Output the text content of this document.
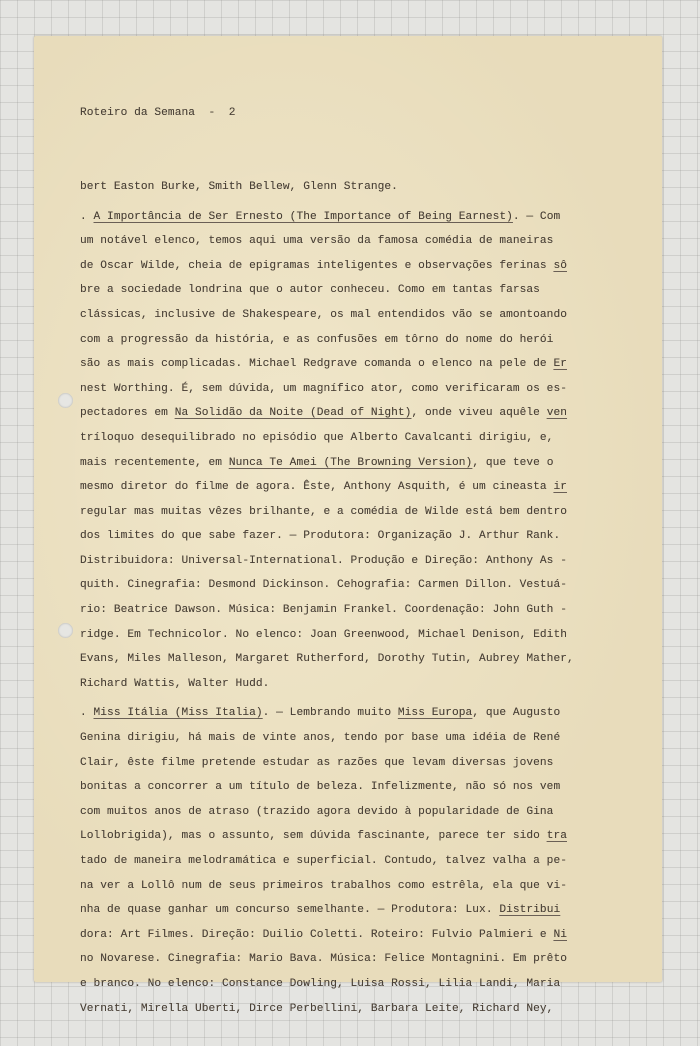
Roteiro da Semana  -  2

bert Easton Burke, Smith Bellew, Glenn Strange.
. A Importância de Ser Ernesto (The Importance of Being Earnest). — Com
um notável elenco, temos aqui uma versão da famosa comédia de maneiras
de Oscar Wilde, cheia de epigramas inteligentes e observações ferinas sô
bre a sociedade londrina que o autor conheceu. Como em tantas farsas
clássicas, inclusive de Shakespeare, os mal entendidos vão se amontoando
com a progressão da história, e as confusões em tôrno do nome do herói
são as mais complicadas. Michael Redgrave comanda o elenco na pele de Er
nest Worthing. É, sem dúvida, um magnífico ator, como verificaram os es-
pectadores em Na Solidão da Noite (Dead of Night), onde viveu aquêle ven
tríloquo desequilibrado no episódio que Alberto Cavalcanti dirigiu, e,
mais recentemente, em Nunca Te Amei (The Browning Version), que teve o
mesmo diretor do filme de agora. Êste, Anthony Asquith, é um cineasta ir
regular mas muitas vêzes brilhante, e a comédia de Wilde está bem dentro
dos limites do que sabe fazer. — Produtora: Organização J. Arthur Rank.
Distribuidora: Universal-International. Produção e Direção: Anthony As -
quith. Cinegrafia: Desmond Dickinson. Cehografia: Carmen Dillon. Vestuá-
rio: Beatrice Dawson. Música: Benjamin Frankel. Coordenação: John Guth -
ridge. Em Technicolor. No elenco: Joan Greenwood, Michael Denison, Edith
Evans, Miles Malleson, Margaret Rutherford, Dorothy Tutin, Aubrey Mather,
Richard Wattis, Walter Hudd.
. Miss Itália (Miss Italia). — Lembrando muito Miss Europa, que Augusto
Genina dirigiu, há mais de vinte anos, tendo por base uma idéia de René
Clair, êste filme pretende estudar as razões que levam diversas jovens
bonitas a concorrer a um título de beleza. Infelizmente, não só nos vem
com muitos anos de atraso (trazido agora devido à popularidade de Gina
Lollobrigida), mas o assunto, sem dúvida fascinante, parece ter sido tra
tado de maneira melodramática e superficial. Contudo, talvez valha a pe-
na ver a Lollô num de seus primeiros trabalhos como estrêla, ela que vi-
nha de quase ganhar um concurso semelhante. — Produtora: Lux. Distribui
dora: Art Filmes. Direção: Duilio Coletti. Roteiro: Fulvio Palmieri e Ni
no Novarese. Cinegrafia: Mario Bava. Música: Felice Montagnini. Em prêto
e branco. No elenco: Constance Dowling, Luisa Rossi, Lilia Landi, Maria
Vernati, Mirella Uberti, Dirce Perbellini, Barbara Leite, Richard Ney,
